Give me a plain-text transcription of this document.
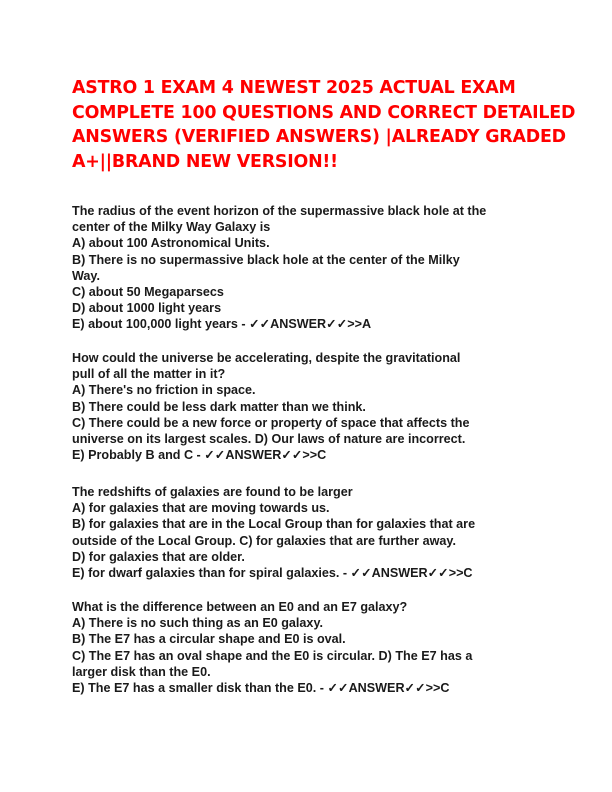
ASTRO 1 EXAM 4 NEWEST 2025 ACTUAL EXAM
COMPLETE 100 QUESTIONS AND CORRECT DETAILED
ANSWERS (VERIFIED ANSWERS) |ALREADY GRADED
A+||BRAND NEW VERSION!!
The radius of the event horizon of the supermassive black hole at the
center of the Milky Way Galaxy is
A) about 100 Astronomical Units.
B) There is no supermassive black hole at the center of the Milky
Way.
C) about 50 Megaparsecs
D) about 1000 light years
E) about 100,000 light years - ✓✓ANSWER✓✓>>A
How could the universe be accelerating, despite the gravitational
pull of all the matter in it?
A) There's no friction in space.
B) There could be less dark matter than we think.
C) There could be a new force or property of space that affects the
universe on its largest scales. D) Our laws of nature are incorrect.
E) Probably B and C - ✓✓ANSWER✓✓>>C
The redshifts of galaxies are found to be larger
A) for galaxies that are moving towards us.
B) for galaxies that are in the Local Group than for galaxies that are
outside of the Local Group. C) for galaxies that are further away.
D) for galaxies that are older.
E) for dwarf galaxies than for spiral galaxies. - ✓✓ANSWER✓✓>>C
What is the difference between an E0 and an E7 galaxy?
A) There is no such thing as an E0 galaxy.
B) The E7 has a circular shape and E0 is oval.
C) The E7 has an oval shape and the E0 is circular. D) The E7 has a
larger disk than the E0.
E) The E7 has a smaller disk than the E0. - ✓✓ANSWER✓✓>>C
